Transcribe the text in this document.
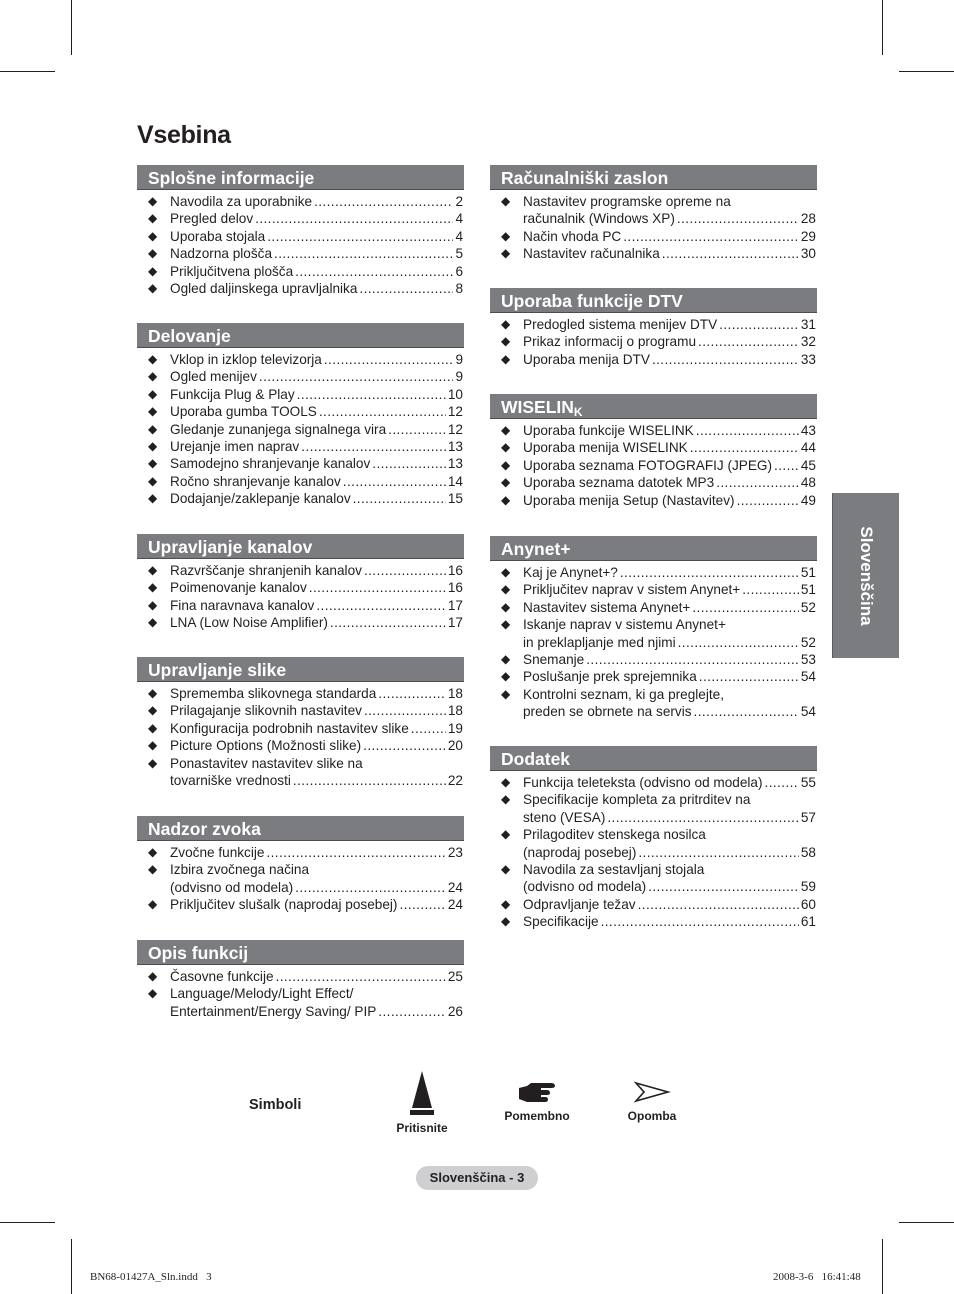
Vsebina
Splošne informacije
◆ Navodila za uporabnike .....	2
◆ Pregled delov .....	4
◆ Uporaba stojala .....	4
◆ Nadzorna plošča .....	5
◆ Priključitvena plošča .....	6
◆ Ogled daljinskega upravljalnika .....	8
Delovanje
◆ Vklop in izklop televizorja .....	9
◆ Ogled menijev .....	9
◆ Funkcija Plug & Play .....	10
◆ Uporaba gumba TOOLS .....	12
◆ Gledanje zunanjega signalnega vira .....	12
◆ Urejanje imen naprav .....	13
◆ Samodejno shranjevanje kanalov .....	13
◆ Ročno shranjevanje kanalov .....	14
◆ Dodajanje/zaklepanje kanalov .....	15
Upravljanje kanalov
◆ Razvrščanje shranjenih kanalov .....	16
◆ Poimenovanje kanalov .....	16
◆ Fina naravnava kanalov .....	17
◆ LNA (Low Noise Amplifier) .....	17
Upravljanje slike
◆ Sprememba slikovnega standarda .....	18
◆ Prilagajanje slikovnih nastavitev .....	18
◆ Konfiguracija podrobnih nastavitev slike .....	19
◆ Picture Options (Možnosti slike) .....	20
◆ Ponastavitev nastavitev slike na
tovarniške vrednosti .....	22
Nadzor zvoka
◆ Zvočne funkcije .....	23
◆ Izbira zvočnega načina
(odvisno od modela) .....	24
◆ Priključitev slušalk (naprodaj posebej) .....	24
Opis funkcij
◆ Časovne funkcije .....	25
◆ Language/Melody/Light Effect/
Entertainment/Energy Saving/ PIP .....	26
Računalniški zaslon
◆ Nastavitev programske opreme na
računalnik (Windows XP) .....	28
◆ Način vhoda PC .....	29
◆ Nastavitev računalnika .....	30
Uporaba funkcije DTV
◆ Predogled sistema menijev DTV .....	31
◆ Prikaz informacij o programu .....	32
◆ Uporaba menija DTV .....	33
WISELINK
◆ Uporaba funkcije WISELINK .....	43
◆ Uporaba menija WISELINK .....	44
◆ Uporaba seznama FOTOGRAFIJ (JPEG) ..... 45
◆ Uporaba seznama datotek MP3 .....	48
◆ Uporaba menija Setup (Nastavitev) .....	49
Anynet+
◆ Kaj je Anynet+? .....	51
◆ Priključitev naprav v sistem Anynet+ .....	51
◆ Nastavitev sistema Anynet+ .....	52
◆ Iskanje naprav v sistemu Anynet+
in preklapljanje med njimi .....	52
◆ Snemanje .....	53
◆ Poslušanje prek sprejemnika .....	54
◆ Kontrolni seznam, ki ga preglejte,
preden se obrnete na servis .....	54
Dodatek
◆ Funkcija teleteksta (odvisno od modela) .....	55
◆ Specifikacije kompleta za pritrditev na
steno (VESA) .....	57
◆ Prilagoditev stenskega nosilca
(naprodaj posebej) .....	58
◆ Navodila za sestavljanj stojala
(odvisno od modela) .....	59
◆ Odpravljanje težav .....	60
◆ Specifikacije .....	61
Slovenščina
Simboli
Pritisnite
Pomembno	Opomba
Slovenščina - 3
BN68-01427A_Sln.indd   3	2008-3-6   16:41:48
